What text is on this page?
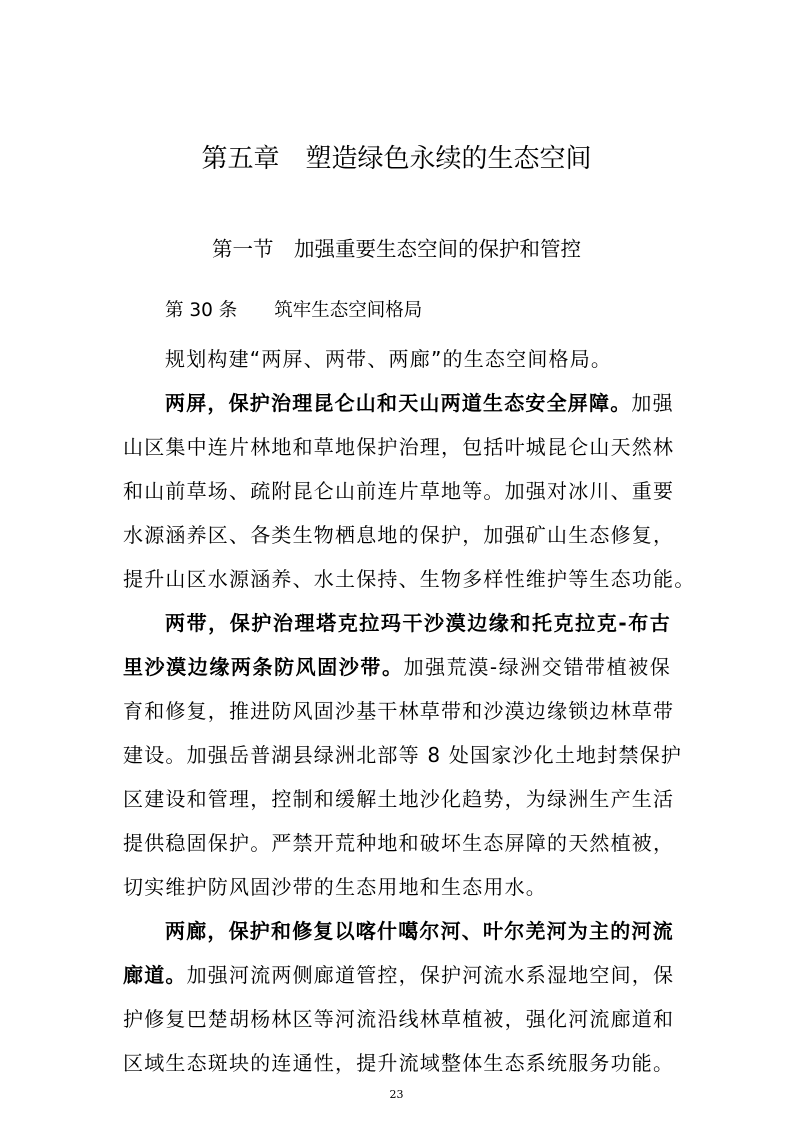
第五章　塑造绿色永续的生态空间
第一节　加强重要生态空间的保护和管控
第 30 条　　筑牢生态空间格局
规划构建“两屏、两带、两廊”的生态空间格局。
两屏，保护治理昆仑山和天山两道生态安全屏障。加强
山区集中连片林地和草地保护治理，包括叶城昆仑山天然林
和山前草场、疏附昆仑山前连片草地等。加强对冰川、重要
水源涵养区、各类生物栖息地的保护，加强矿山生态修复，
提升山区水源涵养、水土保持、生物多样性维护等生态功能。
两带，保护治理塔克拉玛干沙漠边缘和托克拉克-布古
里沙漠边缘两条防风固沙带。加强荒漠-绿洲交错带植被保
育和修复，推进防风固沙基干林草带和沙漠边缘锁边林草带
建设。加强岳普湖县绿洲北部等 8 处国家沙化土地封禁保护
区建设和管理，控制和缓解土地沙化趋势，为绿洲生产生活
提供稳固保护。严禁开荒种地和破坏生态屏障的天然植被，
切实维护防风固沙带的生态用地和生态用水。
两廊，保护和修复以喀什噶尔河、叶尔羌河为主的河流
廊道。加强河流两侧廊道管控，保护河流水系湿地空间，保
护修复巴楚胡杨林区等河流沿线林草植被，强化河流廊道和
区域生态斑块的连通性，提升流域整体生态系统服务功能。
23
